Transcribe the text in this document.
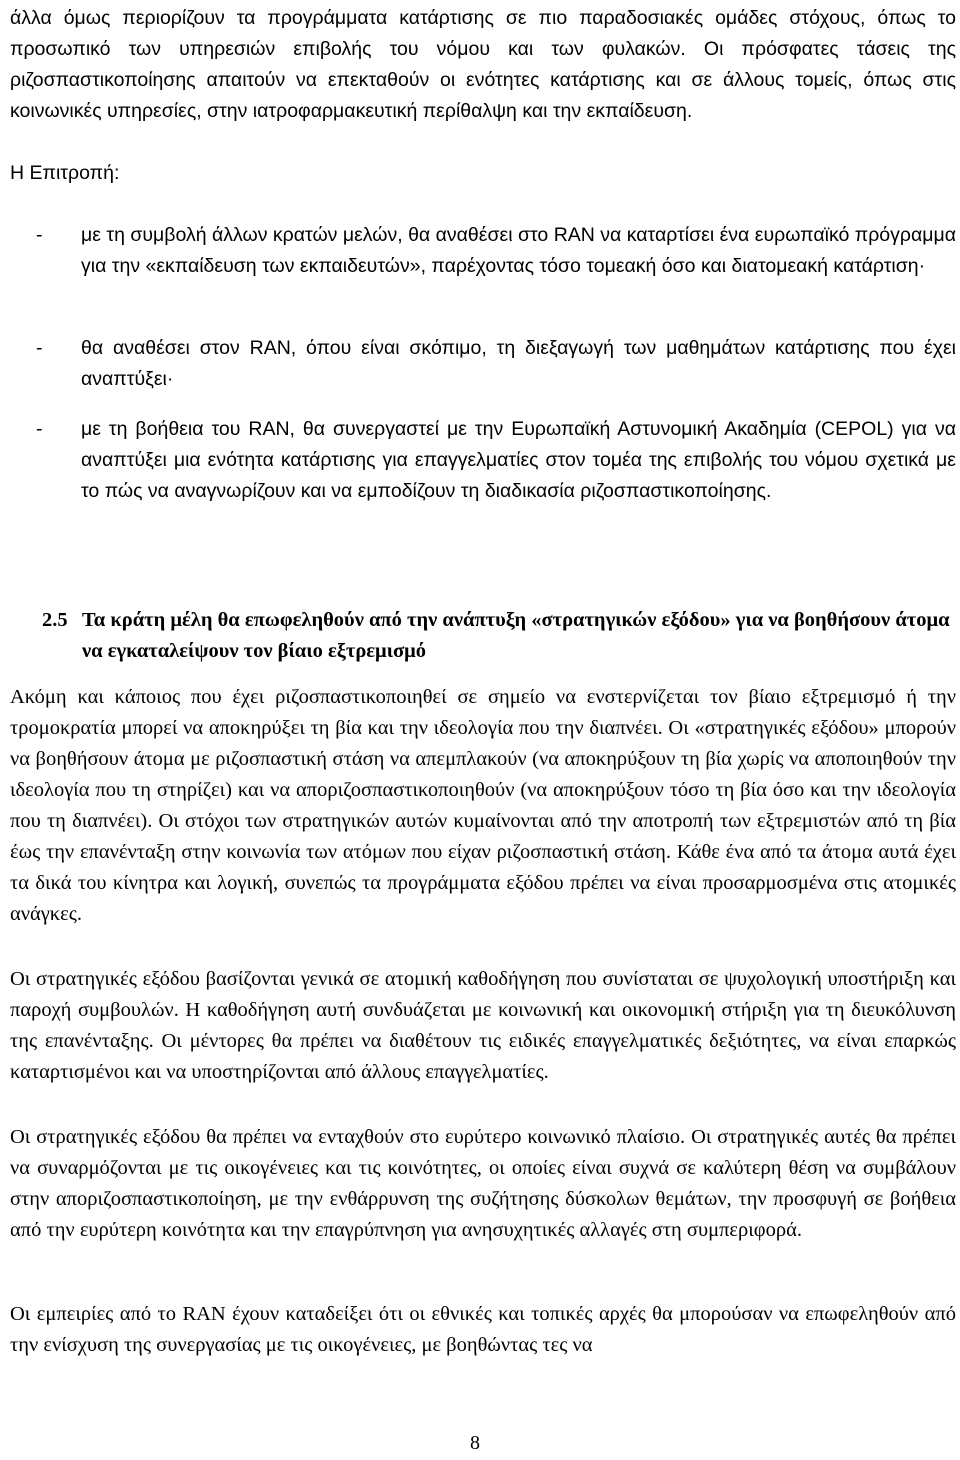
άλλα όμως περιορίζουν τα προγράμματα κατάρτισης σε πιο παραδοσιακές ομάδες στόχους, όπως το προσωπικό των υπηρεσιών επιβολής του νόμου και των φυλακών. Οι πρόσφατες τάσεις της ριζοσπαστικοποίησης απαιτούν να επεκταθούν οι ενότητες κατάρτισης και σε άλλους τομείς, όπως στις κοινωνικές υπηρεσίες, στην ιατροφαρμακευτική περίθαλψη και την εκπαίδευση.

Η Επιτροπή:

- με τη συμβολή άλλων κρατών μελών, θα αναθέσει στο RAN να καταρτίσει ένα ευρωπαϊκό πρόγραμμα για την «εκπαίδευση των εκπαιδευτών», παρέχοντας τόσο τομεακή όσο και διατομεακή κατάρτιση·
- θα αναθέσει στον RAN, όπου είναι σκόπιμο, τη διεξαγωγή των μαθημάτων κατάρτισης που έχει αναπτύξει·
- με τη βοήθεια του RAN, θα συνεργαστεί με την Ευρωπαϊκή Αστυνομική Ακαδημία (CEPOL) για να αναπτύξει μια ενότητα κατάρτισης για επαγγελματίες στον τομέα της επιβολής του νόμου σχετικά με το πώς να αναγνωρίζουν και να εμποδίζουν τη διαδικασία ριζοσπαστικοποίησης.
2.5 Τα κράτη μέλη θα επωφεληθούν από την ανάπτυξη «στρατηγικών εξόδου» για να βοηθήσουν άτομα να εγκαταλείψουν τον βίαιο εξτρεμισμό

Ακόμη και κάποιος που έχει ριζοσπαστικοποιηθεί σε σημείο να ενστερνίζεται τον βίαιο εξτρεμισμό ή την τρομοκρατία μπορεί να αποκηρύξει τη βία και την ιδεολογία που την διαπνέει. Οι «στρατηγικές εξόδου» μπορούν να βοηθήσουν άτομα με ριζοσπαστική στάση να απεμπλακούν (να αποκηρύξουν τη βία χωρίς να αποποιηθούν την ιδεολογία που τη στηρίζει) και να απoριζοσπαστικοποιηθούν (να αποκηρύξουν τόσο τη βία όσο και την ιδεολογία που τη διαπνέει). Οι στόχοι των στρατηγικών αυτών κυμαίνονται από την αποτροπή των εξτρεμιστών από τη βία έως την επανένταξη στην κοινωνία των ατόμων που είχαν ριζοσπαστική στάση. Κάθε ένα από τα άτομα αυτά έχει τα δικά του κίνητρα και λογική, συνεπώς τα προγράμματα εξόδου πρέπει να είναι προσαρμοσμένα στις ατομικές ανάγκες.

Οι στρατηγικές εξόδου βασίζονται γενικά σε ατομική καθοδήγηση που συνίσταται σε ψυχολογική υποστήριξη και παροχή συμβουλών. Η καθοδήγηση αυτή συνδυάζεται με κοινωνική και οικονομική στήριξη για τη διευκόλυνση της επανένταξης. Οι μέντορες θα πρέπει να διαθέτουν τις ειδικές επαγγελματικές δεξιότητες, να είναι επαρκώς καταρτισμένοι και να υποστηρίζονται από άλλους επαγγελματίες.

Οι στρατηγικές εξόδου θα πρέπει να ενταχθούν στο ευρύτερο κοινωνικό πλαίσιο. Οι στρατηγικές αυτές θα πρέπει να συναρμόζονται με τις οικογένειες και τις κοινότητες, οι οποίες είναι συχνά σε καλύτερη θέση να συμβάλουν στην απoριζοσπαστικοποίηση, με την ενθάρρυνση της συζήτησης δύσκολων θεμάτων, την προσφυγή σε βοήθεια από την ευρύτερη κοινότητα και την επαγρύπνηση για ανησυχητικές αλλαγές στη συμπεριφορά.

Οι εμπειρίες από το RAN έχουν καταδείξει ότι οι εθνικές και τοπικές αρχές θα μπορούσαν να επωφεληθούν από την ενίσχυση της συνεργασίας με τις οικογένειες, με βοηθώντας τες να

8
